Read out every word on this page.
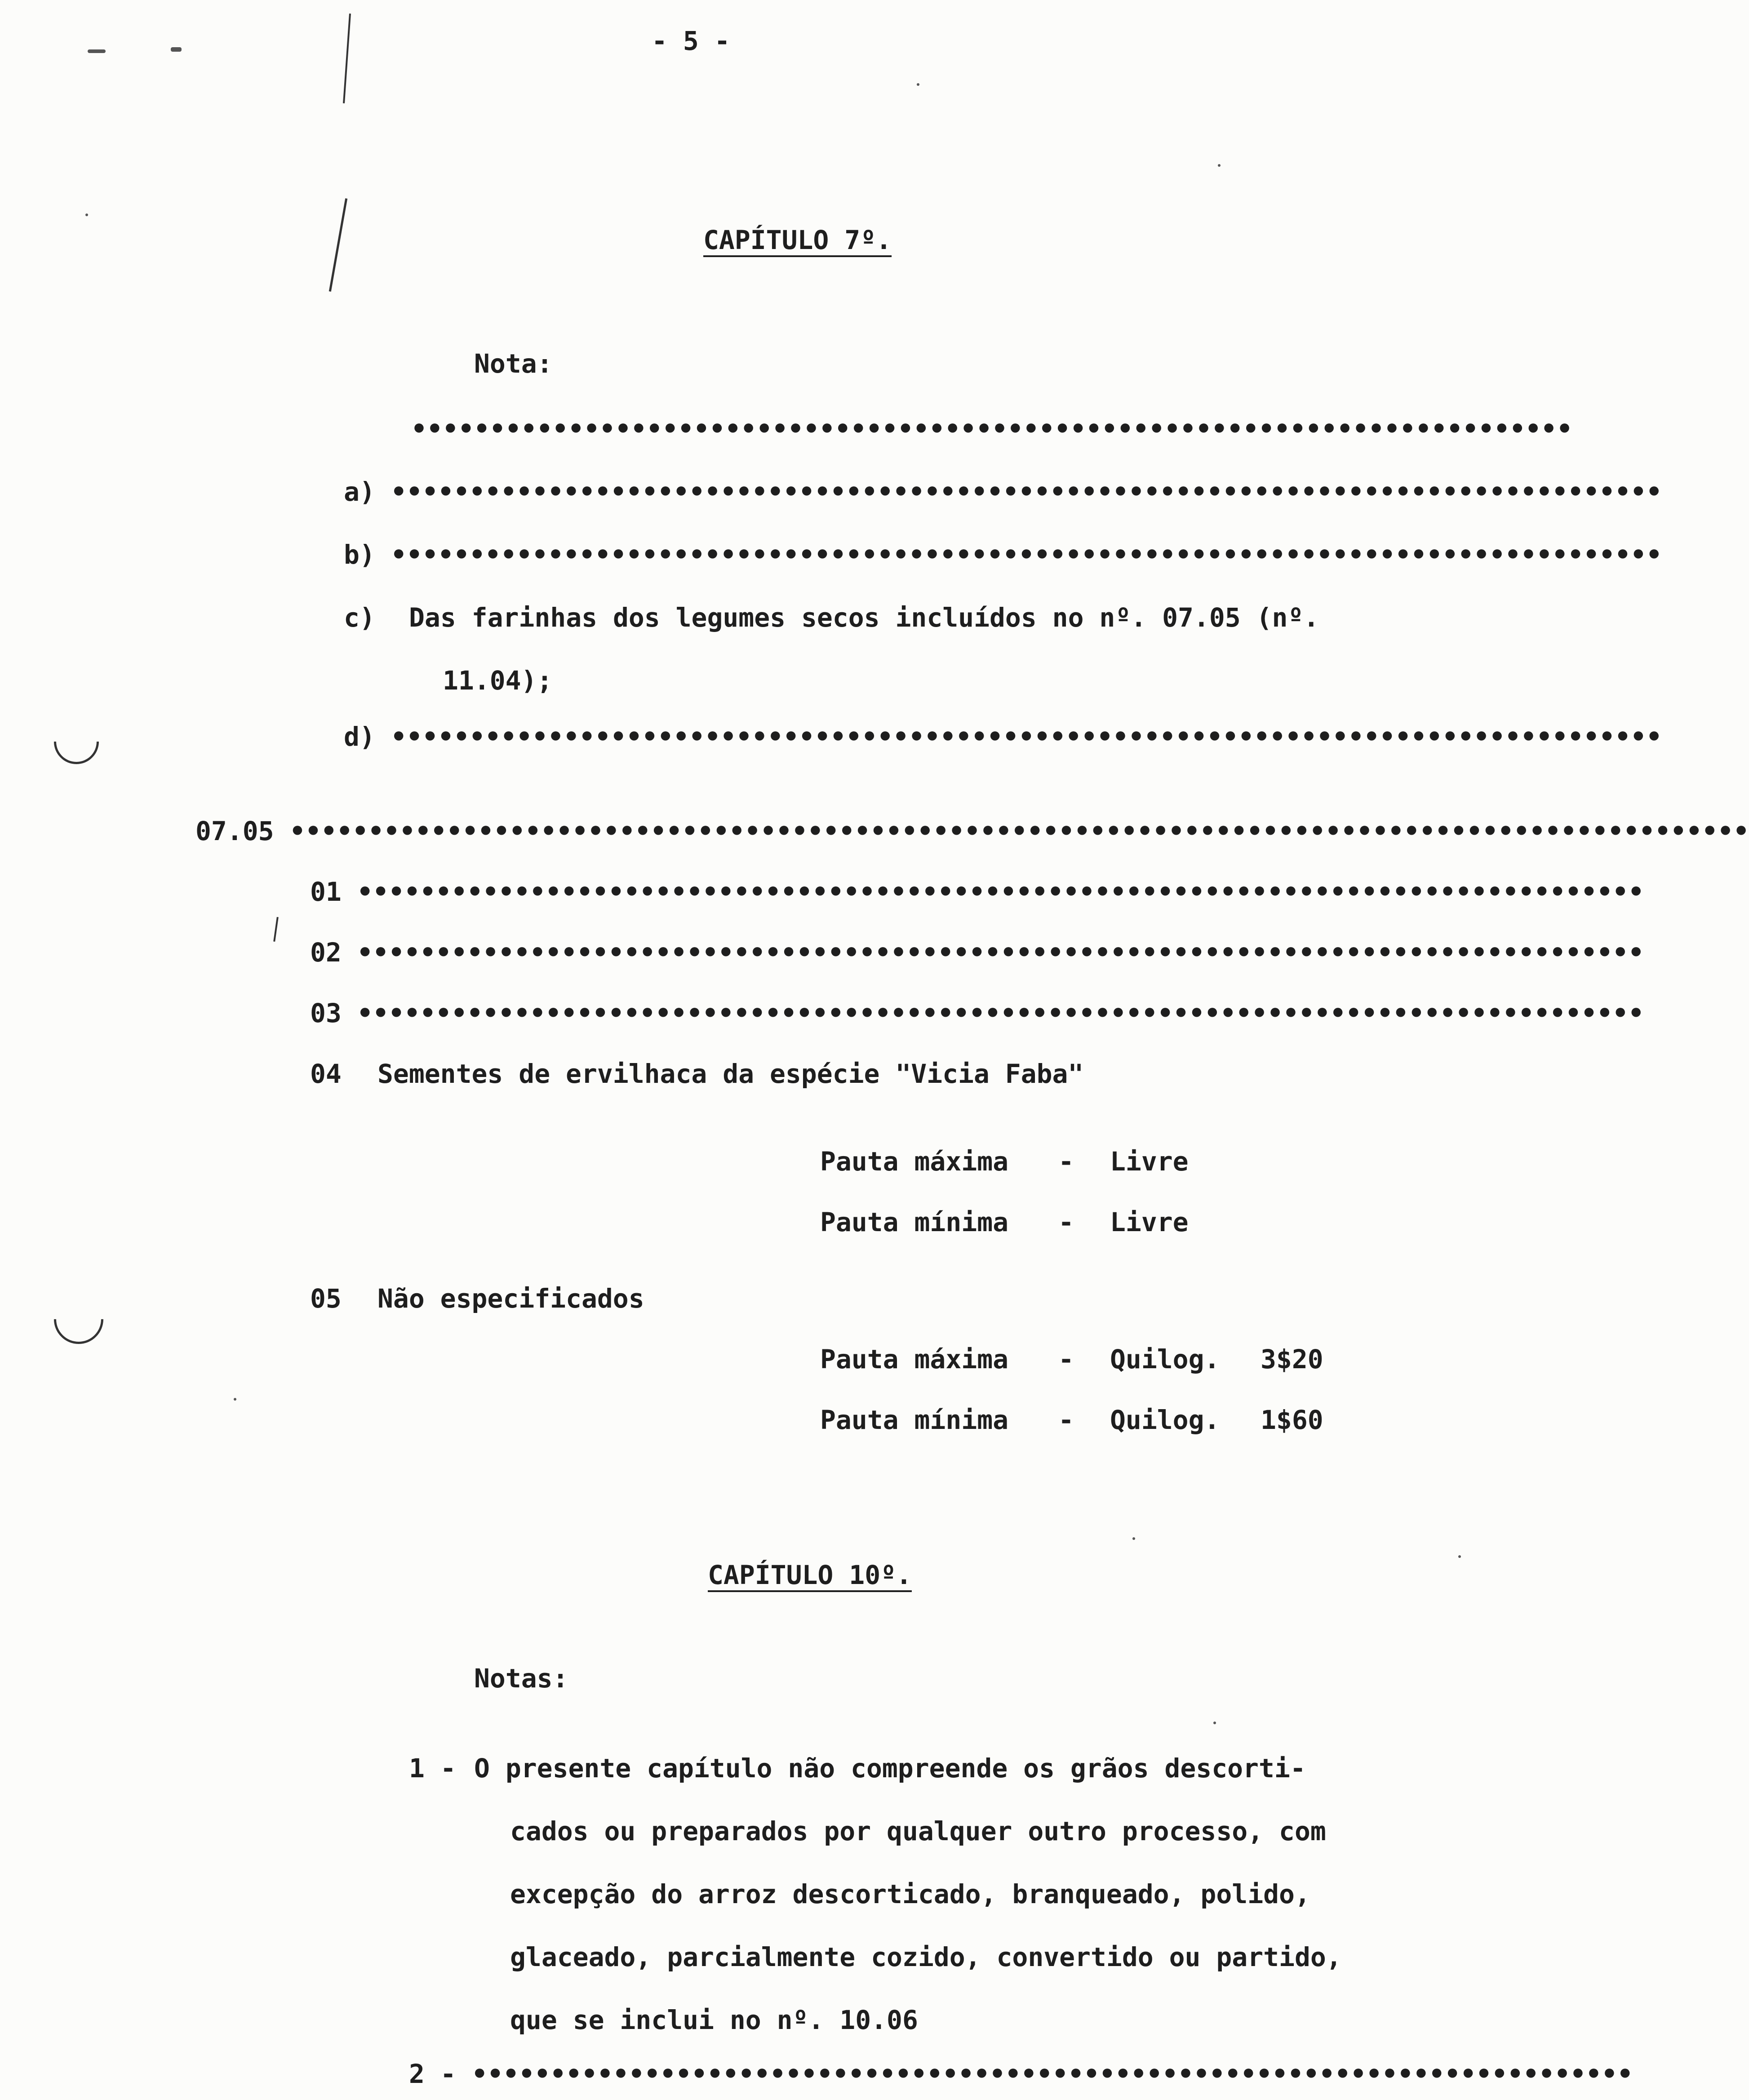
- 5 -
CAPÍTULO 7º.
Nota:
••••••••••••••••••••••••••••••••••••••••••••••••••••••••••••••••••••••••••
a)
•••••••••••••••••••••••••••••••••••••••••••••••••••••••••••••••••••••••••••••••••
b)
•••••••••••••••••••••••••••••••••••••••••••••••••••••••••••••••••••••••••••••••••
c) Das farinhas dos legumes secos incluídos no nº. 07.05 (nº.
11.04);
d)
•••••••••••••••••••••••••••••••••••••••••••••••••••••••••••••••••••••••••••••••••
07.05
•••••••••••••••••••••••••••••••••••••••••••••••••••••••••••••••••••••••••••••••••••••••••••••
01
••••••••••••••••••••••••••••••••••••••••••••••••••••••••••••••••••••••••••••••••••
02
••••••••••••••••••••••••••••••••••••••••••••••••••••••••••••••••••••••••••••••••••
03
••••••••••••••••••••••••••••••••••••••••••••••••••••••••••••••••••••••••••••••••••
04 Sementes de ervilhaca da espécie "Vicia Faba"
Pauta máxima - Livre
Pauta mínima - Livre
05 Não especificados
Pauta máxima - Quilog. 3$20
Pauta mínima - Quilog. 1$60
CAPÍTULO 10º.
Notas:
1 - O presente capítulo não compreende os grãos descorti-
cados ou preparados por qualquer outro processo, com
excepção do arroz descorticado, branqueado, polido,
glaceado, parcialmente cozido, convertido ou partido,
que se inclui no nº. 10.06
2 -
••••••••••••••••••••••••••••••••••••••••••••••••••••••••••••••••••••••••••
